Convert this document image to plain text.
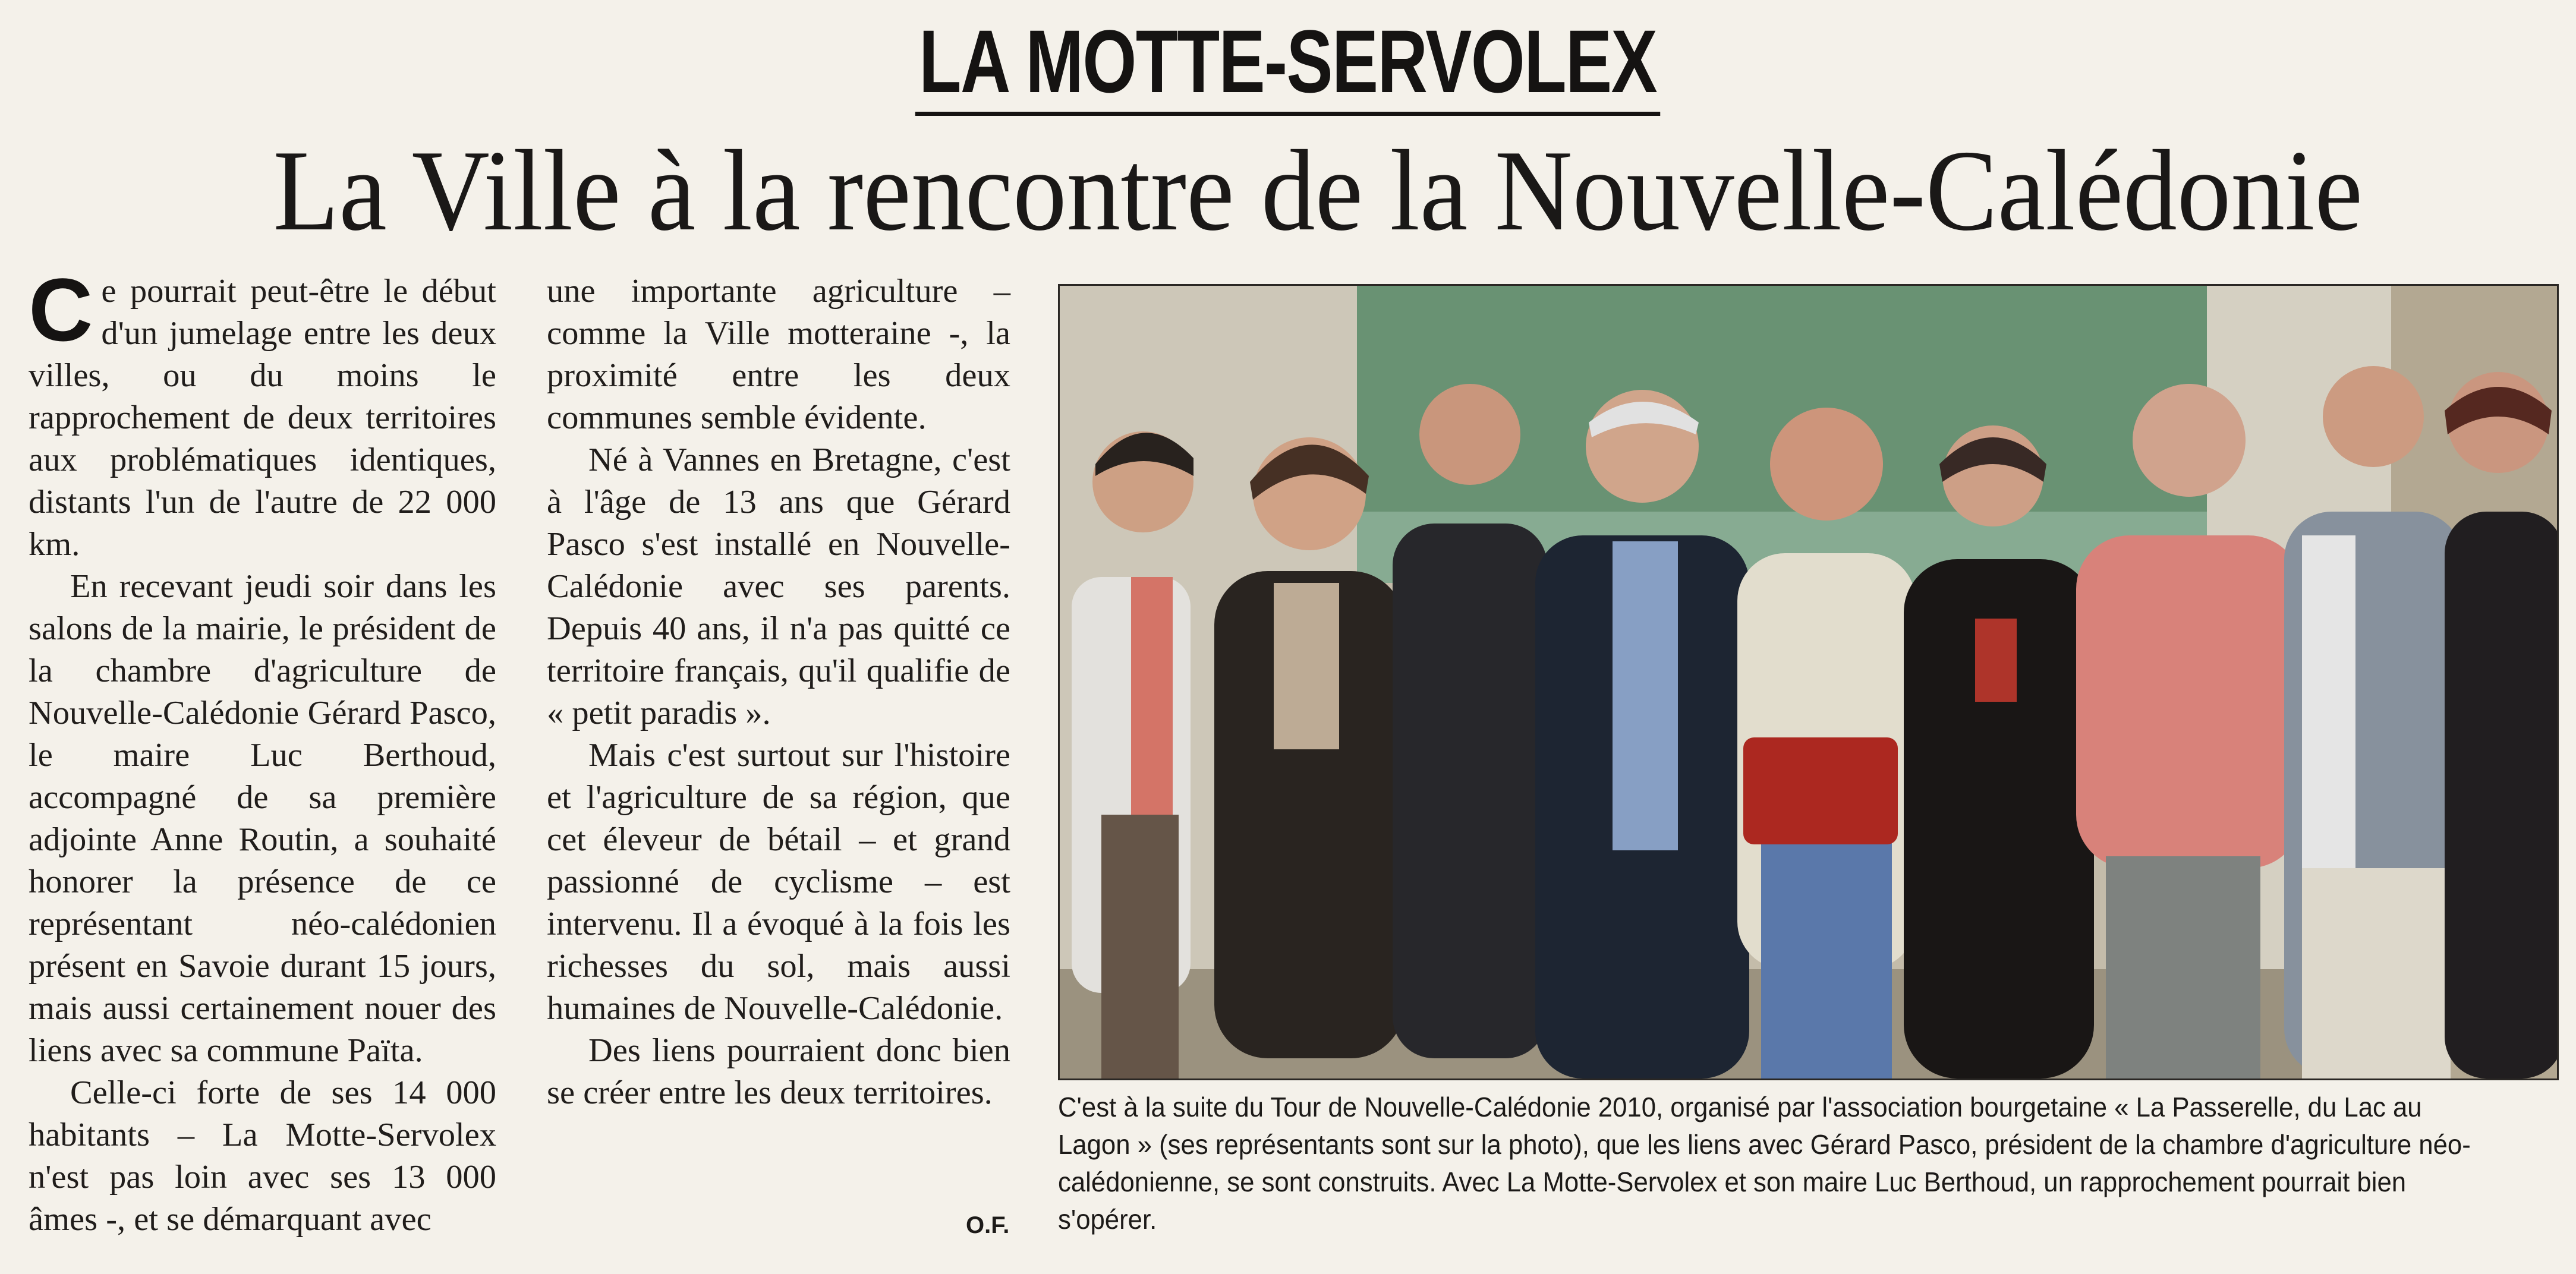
LA MOTTE-SERVOLEX
La Ville à la rencontre de la Nouvelle-Calédonie

Ce pourrait peut-être le début d'un jumelage entre les deux villes, ou du moins le rapprochement de deux territoires aux problématiques identiques, distants l'un de l'autre de 22 000 km.

En recevant jeudi soir dans les salons de la mairie, le président de la chambre d'agriculture de Nouvelle-Calédonie Gérard Pasco, le maire Luc Berthoud, accompagné de sa première adjointe Anne Routin, a souhaité honorer la présence de ce représentant néo-calédonien présent en Savoie durant 15 jours, mais aussi certainement nouer des liens avec sa commune Païta.

Celle-ci forte de ses 14 000 habitants – La Motte-Servolex n'est pas loin avec ses 13 000 âmes -, et se démarquant avec

une importante agriculture – comme la Ville motteraine -, la proximité entre les deux communes semble évidente.

Né à Vannes en Bretagne, c'est à l'âge de 13 ans que Gérard Pasco s'est installé en Nouvelle-Calédonie avec ses parents. Depuis 40 ans, il n'a pas quitté ce territoire français, qu'il qualifie de « petit paradis ».

Mais c'est surtout sur l'histoire et l'agriculture de sa région, que cet éleveur de bétail – et grand passionné de cyclisme – est intervenu. Il a évoqué à la fois les richesses du sol, mais aussi humaines de Nouvelle-Calédonie.

Des liens pourraient donc bien se créer entre les deux territoires.

O.F.
C'est à la suite du Tour de Nouvelle-Calédonie 2010, organisé par l'association bourgetaine « La Passerelle, du Lac au Lagon » (ses représentants sont sur la photo), que les liens avec Gérard Pasco, président de la chambre d'agriculture néo-calédonienne, se sont construits. Avec La Motte-Servolex et son maire Luc Berthoud, un rapprochement pourrait bien s'opérer.
